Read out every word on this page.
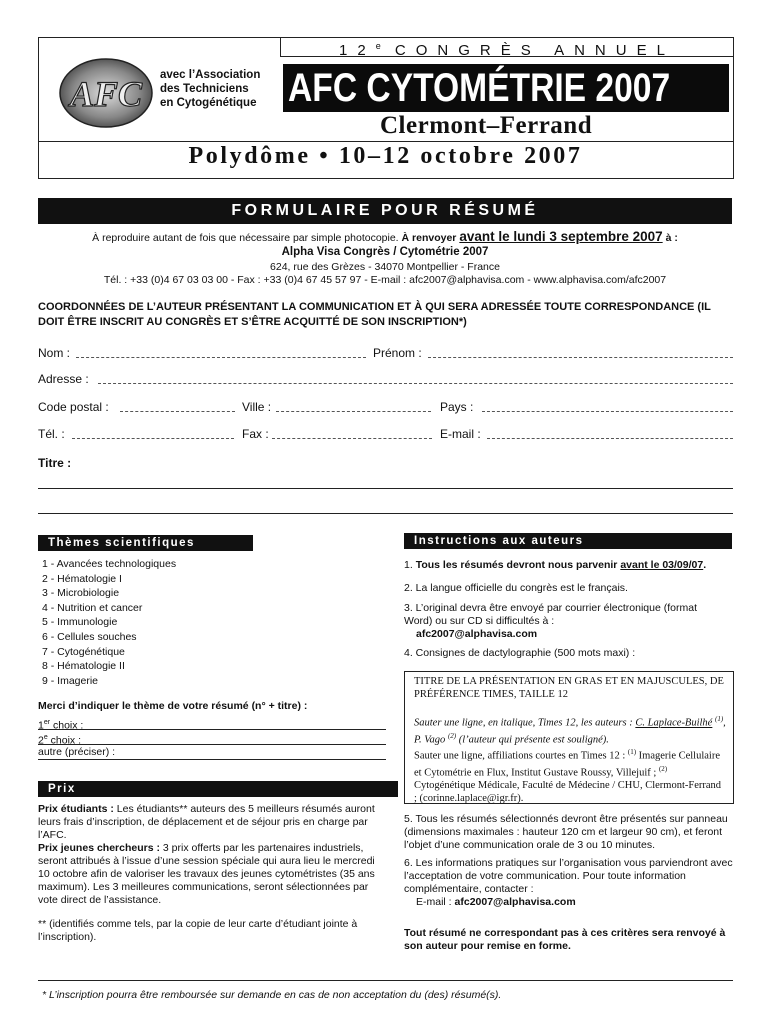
AFC avec l’Association
des Techniciens
en Cytogénétique
12e CONGRÈS ANNUEL
AFC CYTOMÉTRIE 2007
Clermont–Ferrand
Polydôme • 10–12 octobre 2007
FORMULAIRE POUR RÉSUMÉ
À reproduire autant de fois que nécessaire par simple photocopie. À renvoyer avant le lundi 3 septembre 2007 à :
Alpha Visa Congrès / Cytométrie 2007
624, rue des Grèzes - 34070 Montpellier - France
Tél. : +33 (0)4 67 03 03 00 - Fax : +33 (0)4 67 45 57 97 - E-mail : afc2007@alphavisa.com - www.alphavisa.com/afc2007
COORDONNÉES DE L’AUTEUR PRÉSENTANT LA COMMUNICATION ET À QUI SERA ADRESSÉE TOUTE CORRESPONDANCE (IL DOIT ÊTRE INSCRIT AU CONGRÈS ET S’ÊTRE ACQUITTÉ DE SON INSCRIPTION*)
Nom :	Prénom :
Adresse :
Code postal :	Ville :	Pays :
Tél. :	Fax :	E-mail :
Titre :
Thèmes scientifiques
1 - Avancées technologiques
2 - Hématologie I
3 - Microbiologie
4 - Nutrition et cancer
5 - Immunologie
6 - Cellules souches
7 - Cytogénétique
8 - Hématologie II
9 - Imagerie
Merci d’indiquer le thème de votre résumé (n° + titre) :
1er choix :
2e choix :
autre (préciser) :
Prix
Prix étudiants : Les étudiants** auteurs des 5 meilleurs résumés auront leurs frais d’inscription, de déplacement et de séjour pris en charge par l’AFC.
Prix jeunes chercheurs : 3 prix offerts par les partenaires industriels, seront attribués à l’issue d’une session spéciale qui aura lieu le mercredi 10 octobre afin de valoriser les travaux des jeunes cytométristes (35 ans maximum). Les 3 meilleures communications, seront sélectionnées par vote direct de l’assistance.
** (identifiés comme tels, par la copie de leur carte d’étudiant jointe à l’inscription).
Instructions aux auteurs
1. Tous les résumés devront nous parvenir avant le 03/09/07.
2. La langue officielle du congrès est le français.
3. L’original devra être envoyé par courrier électronique (format Word) ou sur CD si difficultés à :
afc2007@alphavisa.com
4. Consignes de dactylographie (500 mots maxi) :
TITRE DE LA PRÉSENTATION EN GRAS ET EN MAJUSCULES, DE PRÉFÉRENCE TIMES, TAILLE 12
Sauter une ligne, en italique, Times 12, les auteurs : C. Laplace-Builhé $^{(1)}$, P. Vago $^{(2)}$ (l’auteur qui présente est souligné).
Sauter une ligne, affiliations courtes en Times 12 : $^{(1)}$ Imagerie Cellulaire et Cytométrie en Flux, Institut Gustave Roussy, Villejuif ; $^{(2)}$ Cytogénétique Médicale, Faculté de Médecine / CHU, Clermont-Ferrand ; (corinne.laplace@igr.fr).
5. Tous les résumés sélectionnés devront être présentés sur panneau (dimensions maximales : hauteur 120 cm et largeur 90 cm), et feront l’objet d’une communication orale de 3 ou 10 minutes.
6. Les informations pratiques sur l’organisation vous parviendront avec l’acceptation de votre communication. Pour toute information complémentaire, contacter :
E-mail : afc2007@alphavisa.com
Tout résumé ne correspondant pas à ces critères sera renvoyé à son auteur pour remise en forme.
* L’inscription pourra être remboursée sur demande en cas de non acceptation du (des) résumé(s).
